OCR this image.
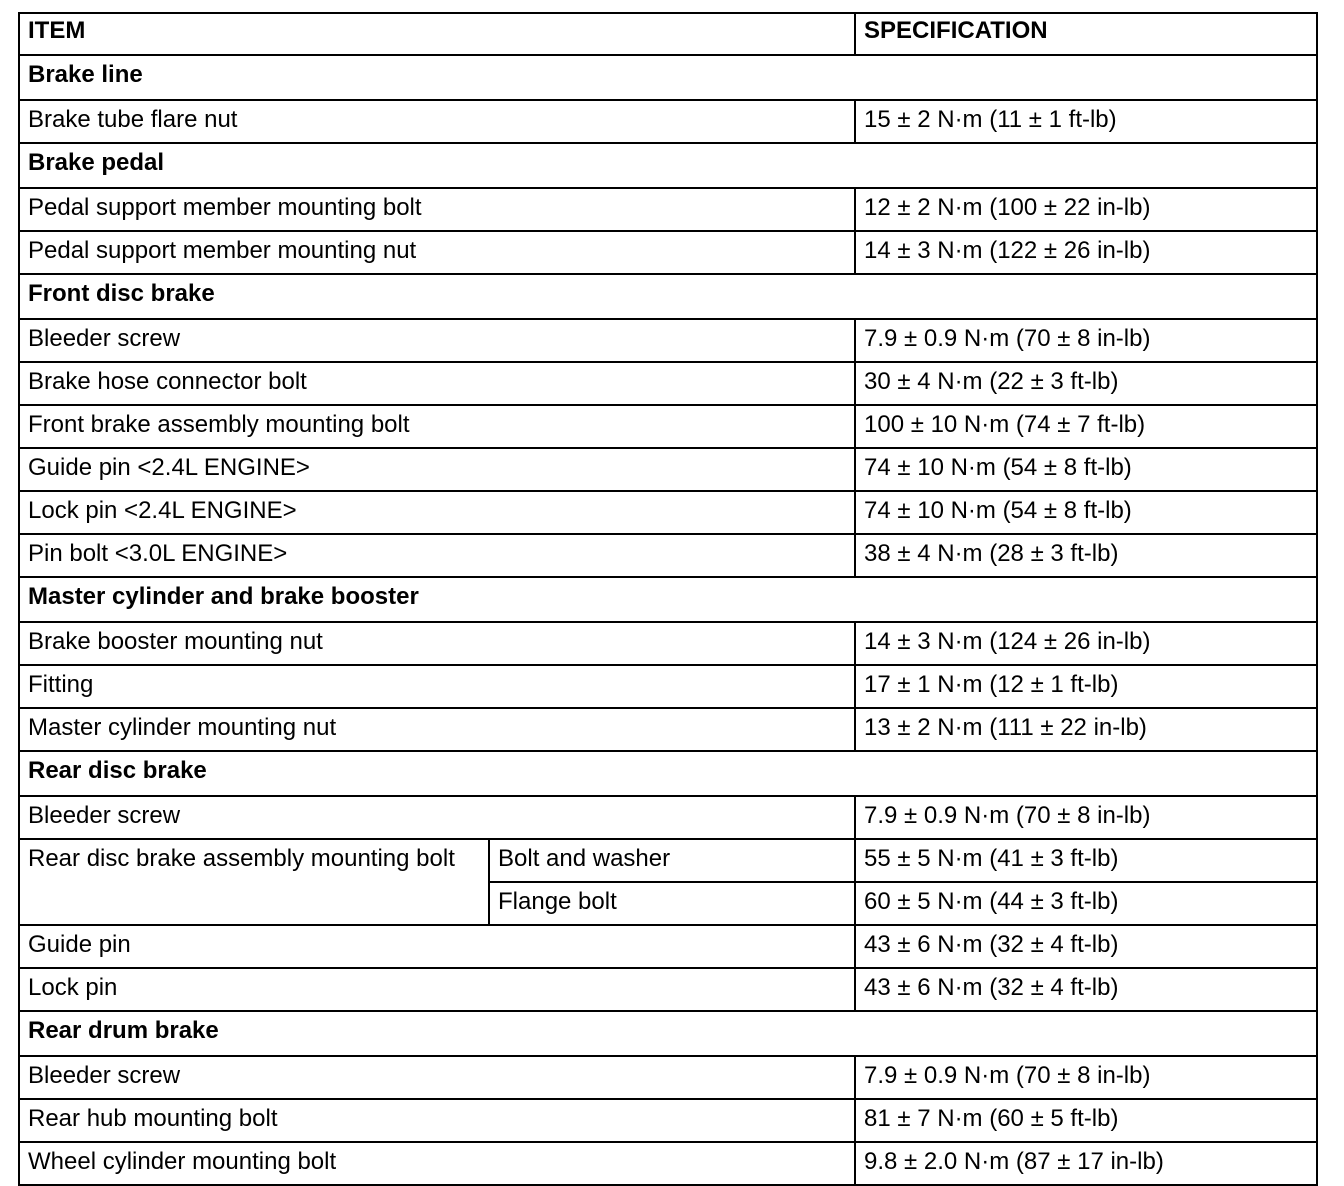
ITEM		SPECIFICATION
Brake line		
Brake tube flare nut		15 ± 2 N·m (11 ± 1 ft-lb)
Brake pedal		
Pedal support member mounting bolt		12 ± 2 N·m (100 ± 22 in-lb)
Pedal support member mounting nut		14 ± 3 N·m (122 ± 26 in-lb)
Front disc brake		
Bleeder screw		7.9 ± 0.9 N·m (70 ± 8 in-lb)
Brake hose connector bolt		30 ± 4 N·m (22 ± 3 ft-lb)
Front brake assembly mounting bolt		100 ± 10 N·m (74 ± 7 ft-lb)
Guide pin <2.4L ENGINE>		74 ± 10 N·m (54 ± 8 ft-lb)
Lock pin <2.4L ENGINE>		74 ± 10 N·m (54 ± 8 ft-lb)
Pin bolt <3.0L ENGINE>		38 ± 4 N·m (28 ± 3 ft-lb)
Master cylinder and brake booster		
Brake booster mounting nut		14 ± 3 N·m (124 ± 26 in-lb)
Fitting		17 ± 1 N·m (12 ± 1 ft-lb)
Master cylinder mounting nut		13 ± 2 N·m (111 ± 22 in-lb)
Rear disc brake		
Bleeder screw		7.9 ± 0.9 N·m (70 ± 8 in-lb)
Rear disc brake assembly mounting bolt	Bolt and washer	55 ± 5 N·m (41 ± 3 ft-lb)
	Flange bolt	60 ± 5 N·m (44 ± 3 ft-lb)
Guide pin		43 ± 6 N·m (32 ± 4 ft-lb)
Lock pin		43 ± 6 N·m (32 ± 4 ft-lb)
Rear drum brake		
Bleeder screw		7.9 ± 0.9 N·m (70 ± 8 in-lb)
Rear hub mounting bolt		81 ± 7 N·m (60 ± 5 ft-lb)
Wheel cylinder mounting bolt		9.8 ± 2.0 N·m (87 ± 17 in-lb)
